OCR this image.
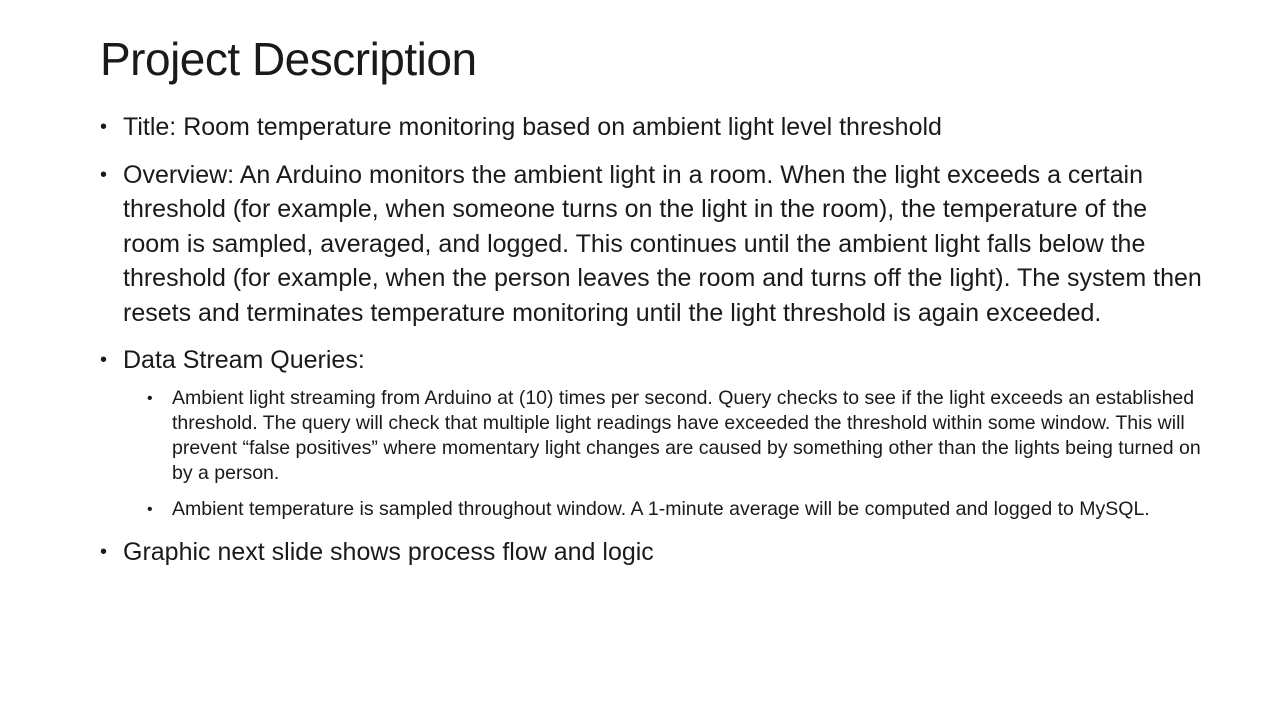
Project Description
• Title: Room temperature monitoring based on ambient light level threshold
• Overview: An Arduino monitors the ambient light in a room. When the light exceeds a certain threshold (for example, when someone turns on the light in the room), the temperature of the room is sampled, averaged, and logged. This continues until the ambient light falls below the threshold (for example, when the person leaves the room and turns off the light). The system then resets and terminates temperature monitoring until the light threshold is again exceeded.
• Data Stream Queries:
• Ambient light streaming from Arduino at (10) times per second. Query checks to see if the light exceeds an established threshold. The query will check that multiple light readings have exceeded the threshold within some window. This will prevent “false positives” where momentary light changes are caused by something other than the lights being turned on by a person.
• Ambient temperature is sampled throughout window. A 1-minute average will be computed and logged to MySQL.
• Graphic next slide shows process flow and logic
